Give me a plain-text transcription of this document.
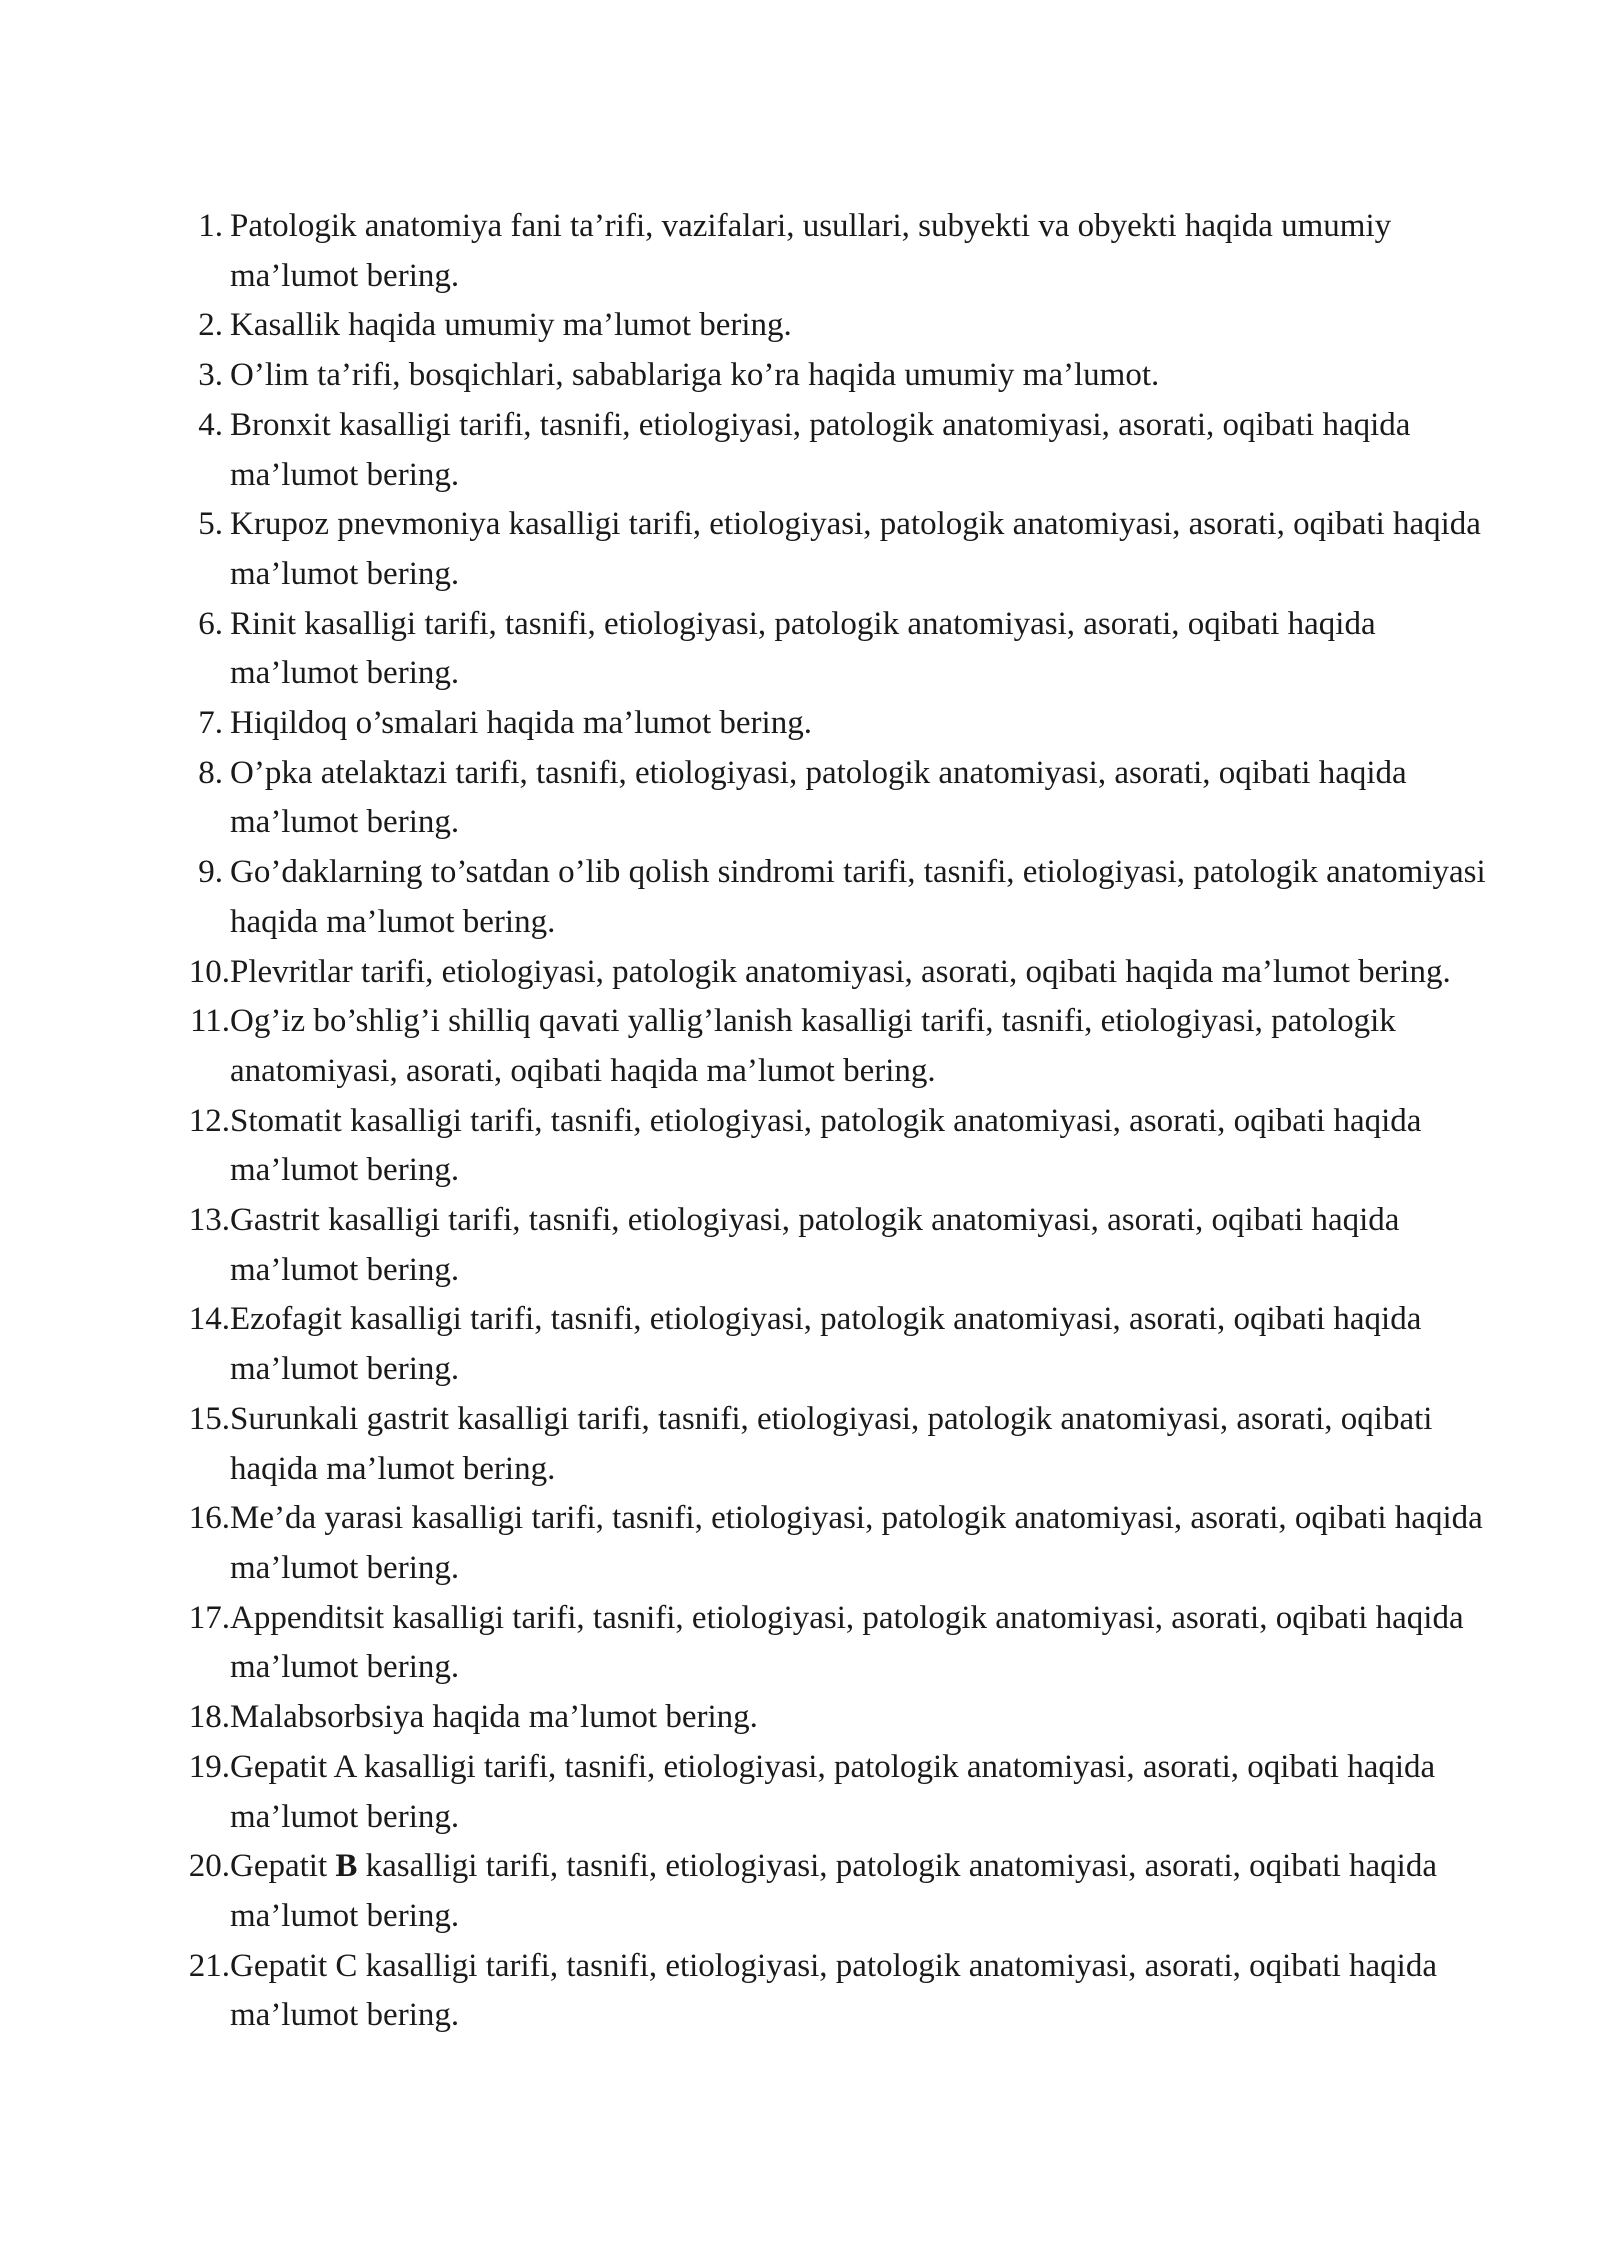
1. Patologik anatomiya fani ta’rifi, vazifalari, usullari, subyekti va obyekti haqida umumiy ma’lumot bering.
2. Kasallik haqida umumiy ma’lumot bering.
3. O’lim ta’rifi, bosqichlari, sabablariga ko’ra haqida umumiy ma’lumot.
4. Bronxit kasalligi tarifi, tasnifi, etiologiyasi, patologik anatomiyasi, asorati, oqibati haqida ma’lumot bering.
5. Krupoz pnevmoniya kasalligi tarifi, etiologiyasi, patologik anatomiyasi, asorati, oqibati haqida ma’lumot bering.
6. Rinit kasalligi tarifi, tasnifi, etiologiyasi, patologik anatomiyasi, asorati, oqibati haqida ma’lumot bering.
7. Hiqildoq o’smalari haqida ma’lumot bering.
8. O’pka atelaktazi tarifi, tasnifi, etiologiyasi, patologik anatomiyasi, asorati, oqibati haqida ma’lumot bering.
9. Go’daklarning to’satdan o’lib qolish sindromi tarifi, tasnifi, etiologiyasi, patologik anatomiyasi haqida ma’lumot bering.
10. Plevritlar tarifi, etiologiyasi, patologik anatomiyasi, asorati, oqibati haqida ma’lumot bering.
11. Og’iz bo’shlig’i shilliq qavati yallig’lanish kasalligi tarifi, tasnifi, etiologiyasi, patologik anatomiyasi, asorati, oqibati haqida ma’lumot bering.
12. Stomatit kasalligi tarifi, tasnifi, etiologiyasi, patologik anatomiyasi, asorati, oqibati haqida ma’lumot bering.
13. Gastrit kasalligi tarifi, tasnifi, etiologiyasi, patologik anatomiyasi, asorati, oqibati haqida ma’lumot bering.
14. Ezofagit kasalligi tarifi, tasnifi, etiologiyasi, patologik anatomiyasi, asorati, oqibati haqida ma’lumot bering.
15. Surunkali gastrit kasalligi tarifi, tasnifi, etiologiyasi, patologik anatomiyasi, asorati, oqibati haqida ma’lumot bering.
16. Me’da yarasi kasalligi tarifi, tasnifi, etiologiyasi, patologik anatomiyasi, asorati, oqibati haqida ma’lumot bering.
17. Appenditsit kasalligi tarifi, tasnifi, etiologiyasi, patologik anatomiyasi, asorati, oqibati haqida ma’lumot bering.
18. Malabsorbsiya haqida ma’lumot bering.
19. Gepatit A kasalligi tarifi, tasnifi, etiologiyasi, patologik anatomiyasi, asorati, oqibati haqida ma’lumot bering.
20. Gepatit B kasalligi tarifi, tasnifi, etiologiyasi, patologik anatomiyasi, asorati, oqibati haqida ma’lumot bering.
21. Gepatit C kasalligi tarifi, tasnifi, etiologiyasi, patologik anatomiyasi, asorati, oqibati haqida ma’lumot bering.
